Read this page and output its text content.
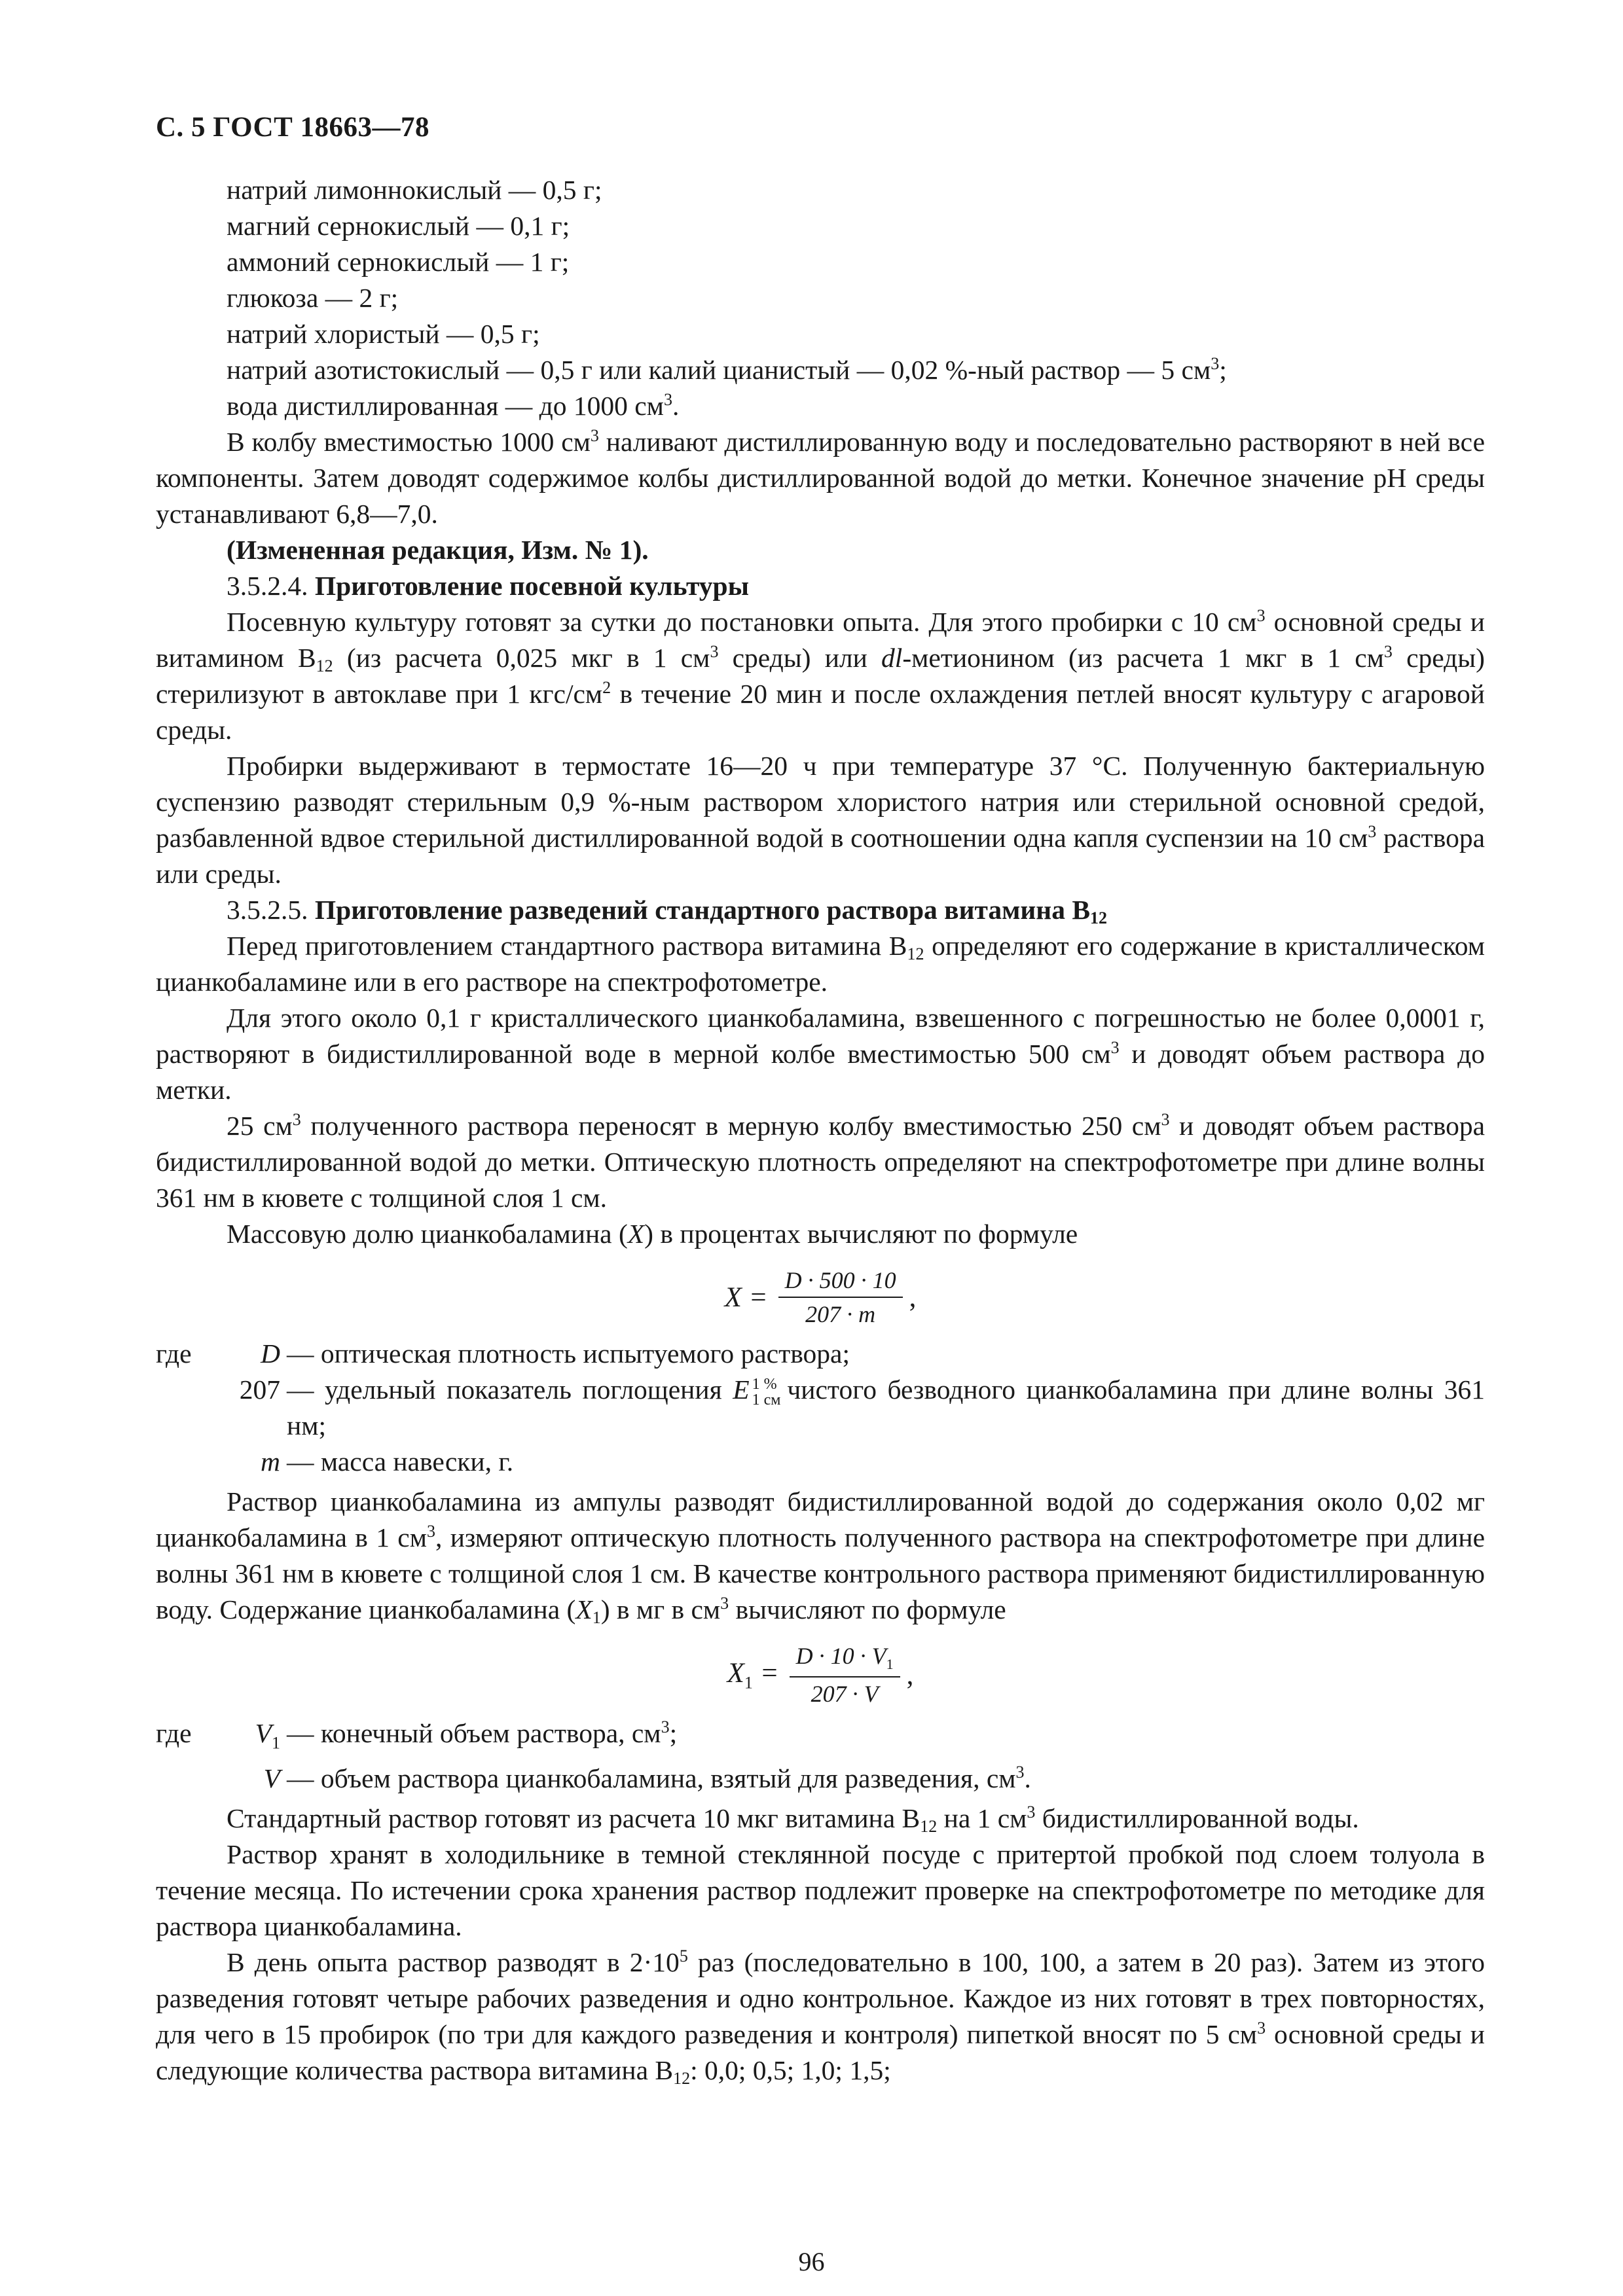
С. 5 ГОСТ 18663—78
натрий лимоннокислый — 0,5 г;
магний сернокислый — 0,1 г;
аммоний сернокислый — 1 г;
глюкоза — 2 г;
натрий хлористый — 0,5 г;
натрий азотистокислый — 0,5 г или калий цианистый — 0,02 %-ный раствор — 5 $см^3$;
вода дистиллированная — до 1000 $см^3$.
В колбу вместимостью 1000 $см^3$ наливают дистиллированную воду и последовательно растворяют в ней все компоненты. Затем доводят содержимое колбы дистиллированной водой до метки. Конечное значение pH среды устанавливают 6,8—7,0.
(Измененная редакция, Изм. № 1).
3.5.2.4. Приготовление посевной культуры
Посевную культуру готовят за сутки до постановки опыта. Для этого пробирки с 10 $см^3$ основной среды и витамином $B_{12}$ (из расчета 0,025 мкг в 1 $см^3$ среды) или dl-метионином (из расчета 1 мкг в 1 $см^3$ среды) стерилизуют в автоклаве при 1 кгс/$см^2$ в течение 20 мин и после охлаждения петлей вносят культуру с агаровой среды.
Пробирки выдерживают в термостате 16—20 ч при температуре 37 °С. Полученную бактериальную суспензию разводят стерильным 0,9 %-ным раствором хлористого натрия или стерильной основной средой, разбавленной вдвое стерильной дистиллированной водой в соотношении одна капля суспензии на 10 $см^3$ раствора или среды.
3.5.2.5. Приготовление разведений стандартного раствора витамина $B_{12}$
Перед приготовлением стандартного раствора витамина $B_{12}$ определяют его содержание в кристаллическом цианкобаламине или в его растворе на спектрофотометре.
Для этого около 0,1 г кристаллического цианкобаламина, взвешенного с погрешностью не более 0,0001 г, растворяют в бидистиллированной воде в мерной колбе вместимостью 500 $см^3$ и доводят объем раствора до метки.
25 $см^3$ полученного раствора переносят в мерную колбу вместимостью 250 $см^3$ и доводят объем раствора бидистиллированной водой до метки. Оптическую плотность определяют на спектрофотометре при длине волны 361 нм в кювете с толщиной слоя 1 см.
Массовую долю цианкобаламина (X) в процентах вычисляют по формуле
$X = \frac{D \cdot 500 \cdot 10}{207 \cdot m}$ ,
где	D — оптическая плотность испытуемого раствора;
207 — удельный показатель поглощения E 1 %
1 см чистого безводного цианкобаламина при длине волны 361 нм;
m — масса навески, г.
Раствор цианкобаламина из ампулы разводят бидистиллированной водой до содержания около 0,02 мг цианкобаламина в 1 $см^3$, измеряют оптическую плотность полученного раствора на спектрофотометре при длине волны 361 нм в кювете с толщиной слоя 1 см. В качестве контрольного раствора применяют бидистиллированную воду. Содержание цианкобаламина $(X_1)$ в мг в $см^3$ вычисляют по формуле
$X_1 = \frac{D \cdot 10 \cdot V_1}{207 \cdot V}$ ,
где	$V_1$ — конечный объем раствора, $см^3$;
V — объем раствора цианкобаламина, взятый для разведения, $см^3$.
Стандартный раствор готовят из расчета 10 мкг витамина $B_{12}$ на 1 $см^3$ бидистиллированной воды.
Раствор хранят в холодильнике в темной стеклянной посуде с притертой пробкой под слоем толуола в течение месяца. По истечении срока хранения раствор подлежит проверке на спектрофотометре по методике для раствора цианкобаламина.
В день опыта раствор разводят в $2\cdot 10^5$ раз (последовательно в 100, 100, а затем в 20 раз). Затем из этого разведения готовят четыре рабочих разведения и одно контрольное. Каждое из них готовят в трех повторностях, для чего в 15 пробирок (по три для каждого разведения и контроля) пипеткой вносят по 5 $см^3$ основной среды и следующие количества раствора витамина $B_{12}$: 0,0; 0,5; 1,0; 1,5;
96
